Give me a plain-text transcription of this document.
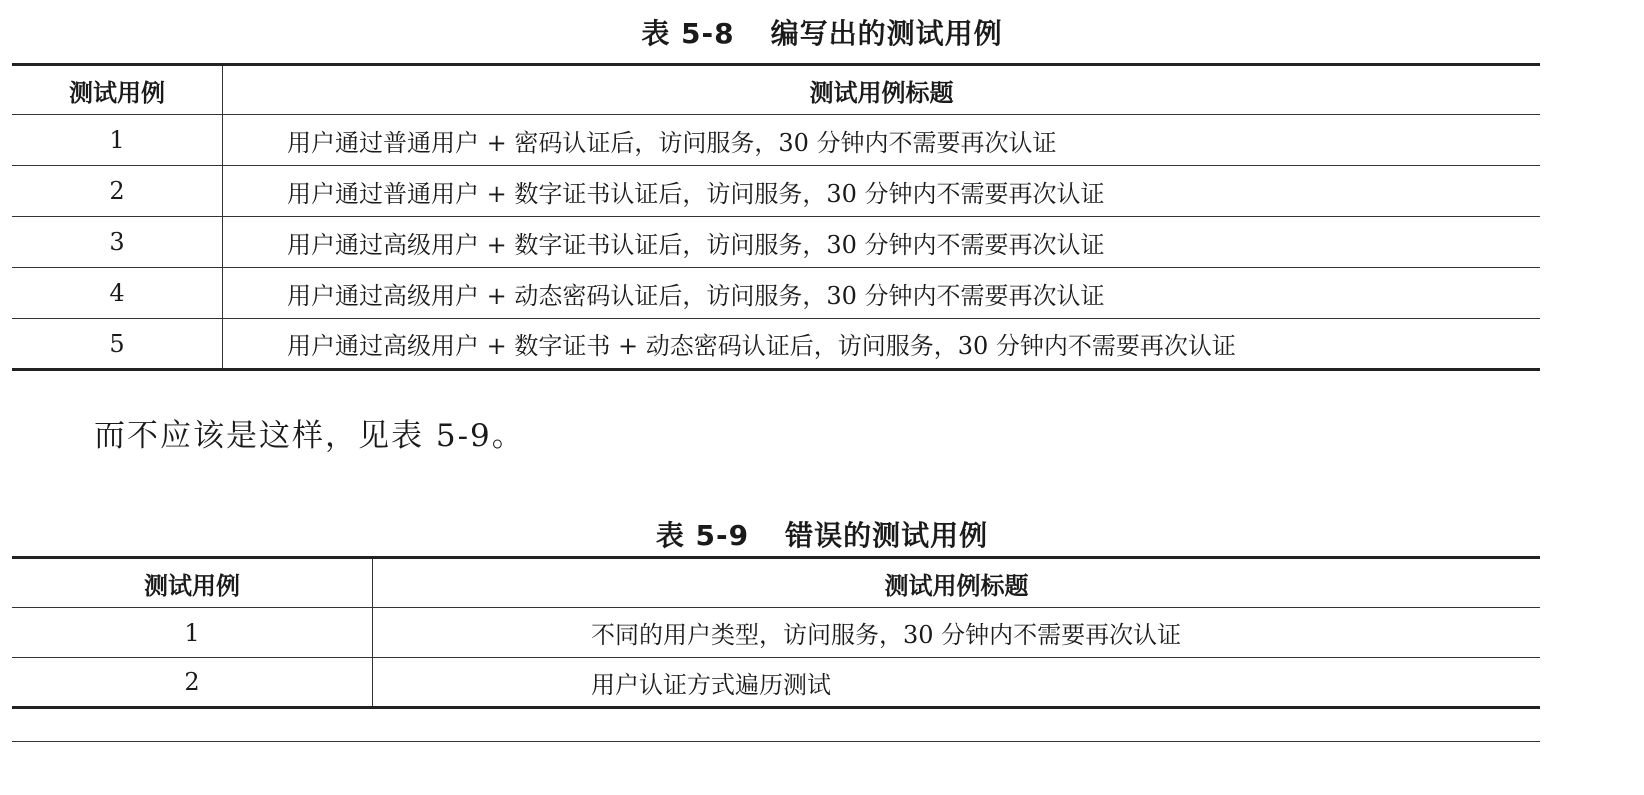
表 5-8 编写出的测试用例
测试用例	测试用例标题
1	用户通过普通用户 + 密码认证后，访问服务，30 分钟内不需要再次认证
2	用户通过普通用户 + 数字证书认证后，访问服务，30 分钟内不需要再次认证
3	用户通过高级用户 + 数字证书认证后，访问服务，30 分钟内不需要再次认证
4	用户通过高级用户 + 动态密码认证后，访问服务，30 分钟内不需要再次认证
5	用户通过高级用户 + 数字证书 + 动态密码认证后，访问服务，30 分钟内不需要再次认证
而不应该是这样，见表 5-9。
表 5-9 错误的测试用例
测试用例	测试用例标题
1	不同的用户类型，访问服务，30 分钟内不需要再次认证
2	用户认证方式遍历测试
